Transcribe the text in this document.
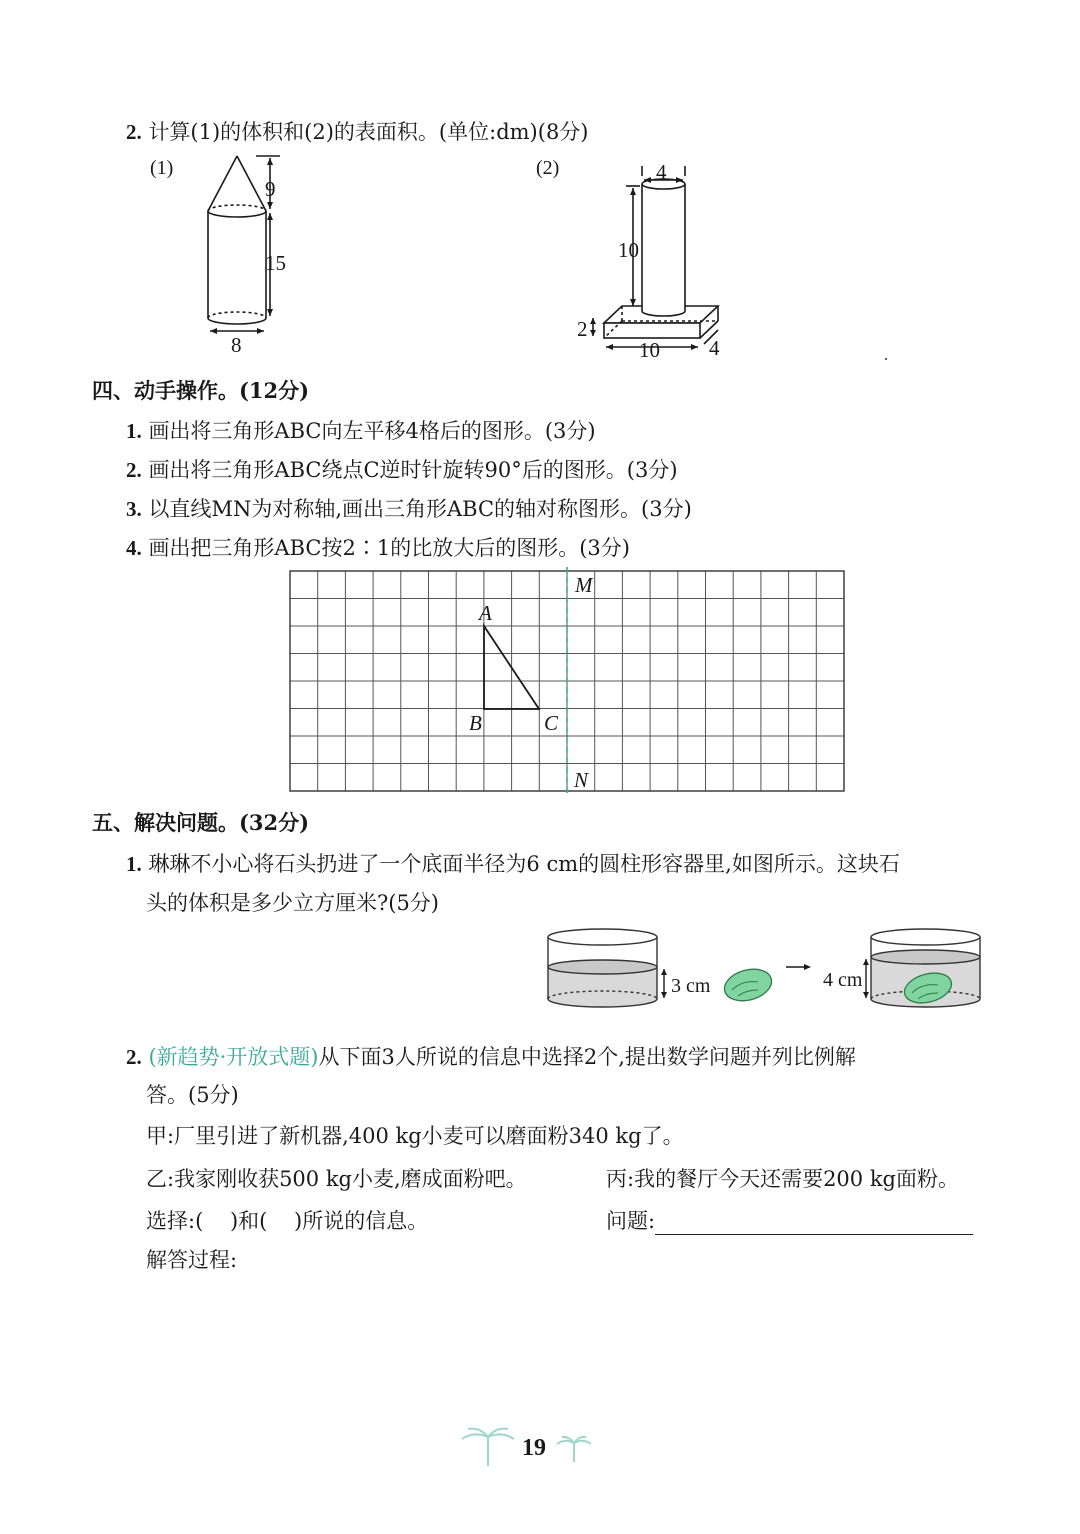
2. 计算(1)的体积和(2)的表面积。(单位:dm)(8分)
(1)
9
15
8
(2)	4
10
2
10 4
四、动手操作。(12分)
1. 画出将三角形ABC向左平移4格后的图形。(3分)
2. 画出将三角形ABC绕点C逆时针旋转90°后的图形。(3分)
3. 以直线MN为对称轴,画出三角形ABC的轴对称图形。(3分)
4. 画出把三角形ABC按2∶1的比放大后的图形。(3分)
A
B	C
M
N
五、解决问题。(32分)
1. 琳琳不小心将石头扔进了一个底面半径为6 cm的圆柱形容器里,如图所示。这块石
头的体积是多少立方厘米?(5分)
3 cm	4 cm
2. (新趋势·开放式题)从下面3人所说的信息中选择2个,提出数学问题并列比例解
答。(5分)
甲:厂里引进了新机器,400 kg小麦可以磨面粉340 kg了。
乙:我家刚收获500 kg小麦,磨成面粉吧。	丙:我的餐厅今天还需要200 kg面粉。
选择:(    )和(    )所说的信息。	问题:
解答过程:
19
